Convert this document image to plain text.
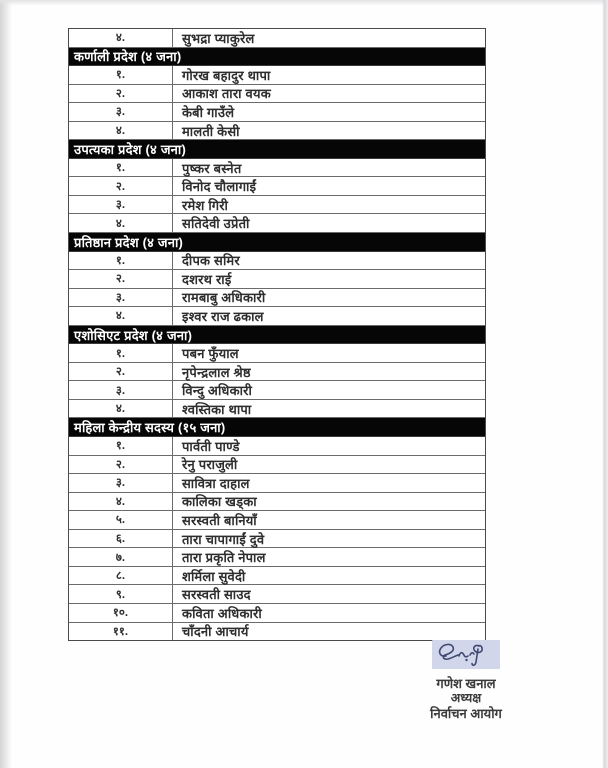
४.	सुभद्रा प्याकुरेल
कर्णाली प्रदेश (४ जना)
१.	गोरख बहादुर थापा
२.	आकाश तारा वयक
३.	केबी गाउँले
४.	मालती केसी
उपत्यका प्रदेश (४ जना)
१.	पुष्कर बस्नेत
२.	विनोद चौलागाईं
३.	रमेश गिरी
४.	सतिदेवी उप्रेती
प्रतिष्ठान प्रदेश (४ जना)
१.	दीपक समिर
२.	दशरथ राई
३.	रामबाबु अधिकारी
४.	इश्वर राज ढकाल
एशोसिएट प्रदेश (४ जना)
१.	पबन फुँयाल
२.	नृपेन्द्रलाल श्रेष्ठ
३.	विन्दु अधिकारी
४.	श्वस्तिका थापा
महिला केन्द्रीय सदस्य (१५ जना)
१.	पार्वती पाण्डे
२.	रेनु पराजुली
३.	सावित्रा दाहाल
४.	कालिका खड्का
५.	सरस्वती बानियाँ
६.	तारा चापागाईं दुवे
७.	तारा प्रकृति नेपाल
८.	शर्मिला सुवेदी
९.	सरस्वती साउद
१०.	कविता अधिकारी
११.	चाँदनी आचार्य
गणेश खनाल
अध्यक्ष
निर्वाचन आयोग
